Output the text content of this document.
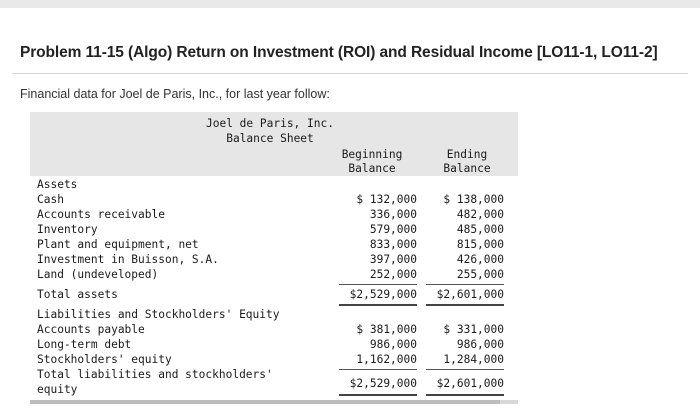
Problem 11-15 (Algo) Return on Investment (ROI) and Residual Income [LO11-1, LO11-2]
Financial data for Joel de Paris, Inc., for last year follow:
Joel de Paris, Inc.
Balance Sheet
Beginning
Balance
Ending
Balance
Assets
Cash	$ 132,000 $ 138,000
Accounts receivable	336,000	482,000
Inventory	579,000	485,000
Plant and equipment, net	833,000	815,000
Investment in Buisson, S.A.	397,000	426,000
Land (undeveloped)	252,000	255,000
Total assets	$2,529,000 $2,601,000
Liabilities and Stockholders' Equity
Accounts payable	$ 381,000 $ 331,000
Long-term debt	986,000	986,000
Stockholders' equity	1,162,000 1,284,000
Total liabilities and stockholders'
$2,529,000 $2,601,000
equity
